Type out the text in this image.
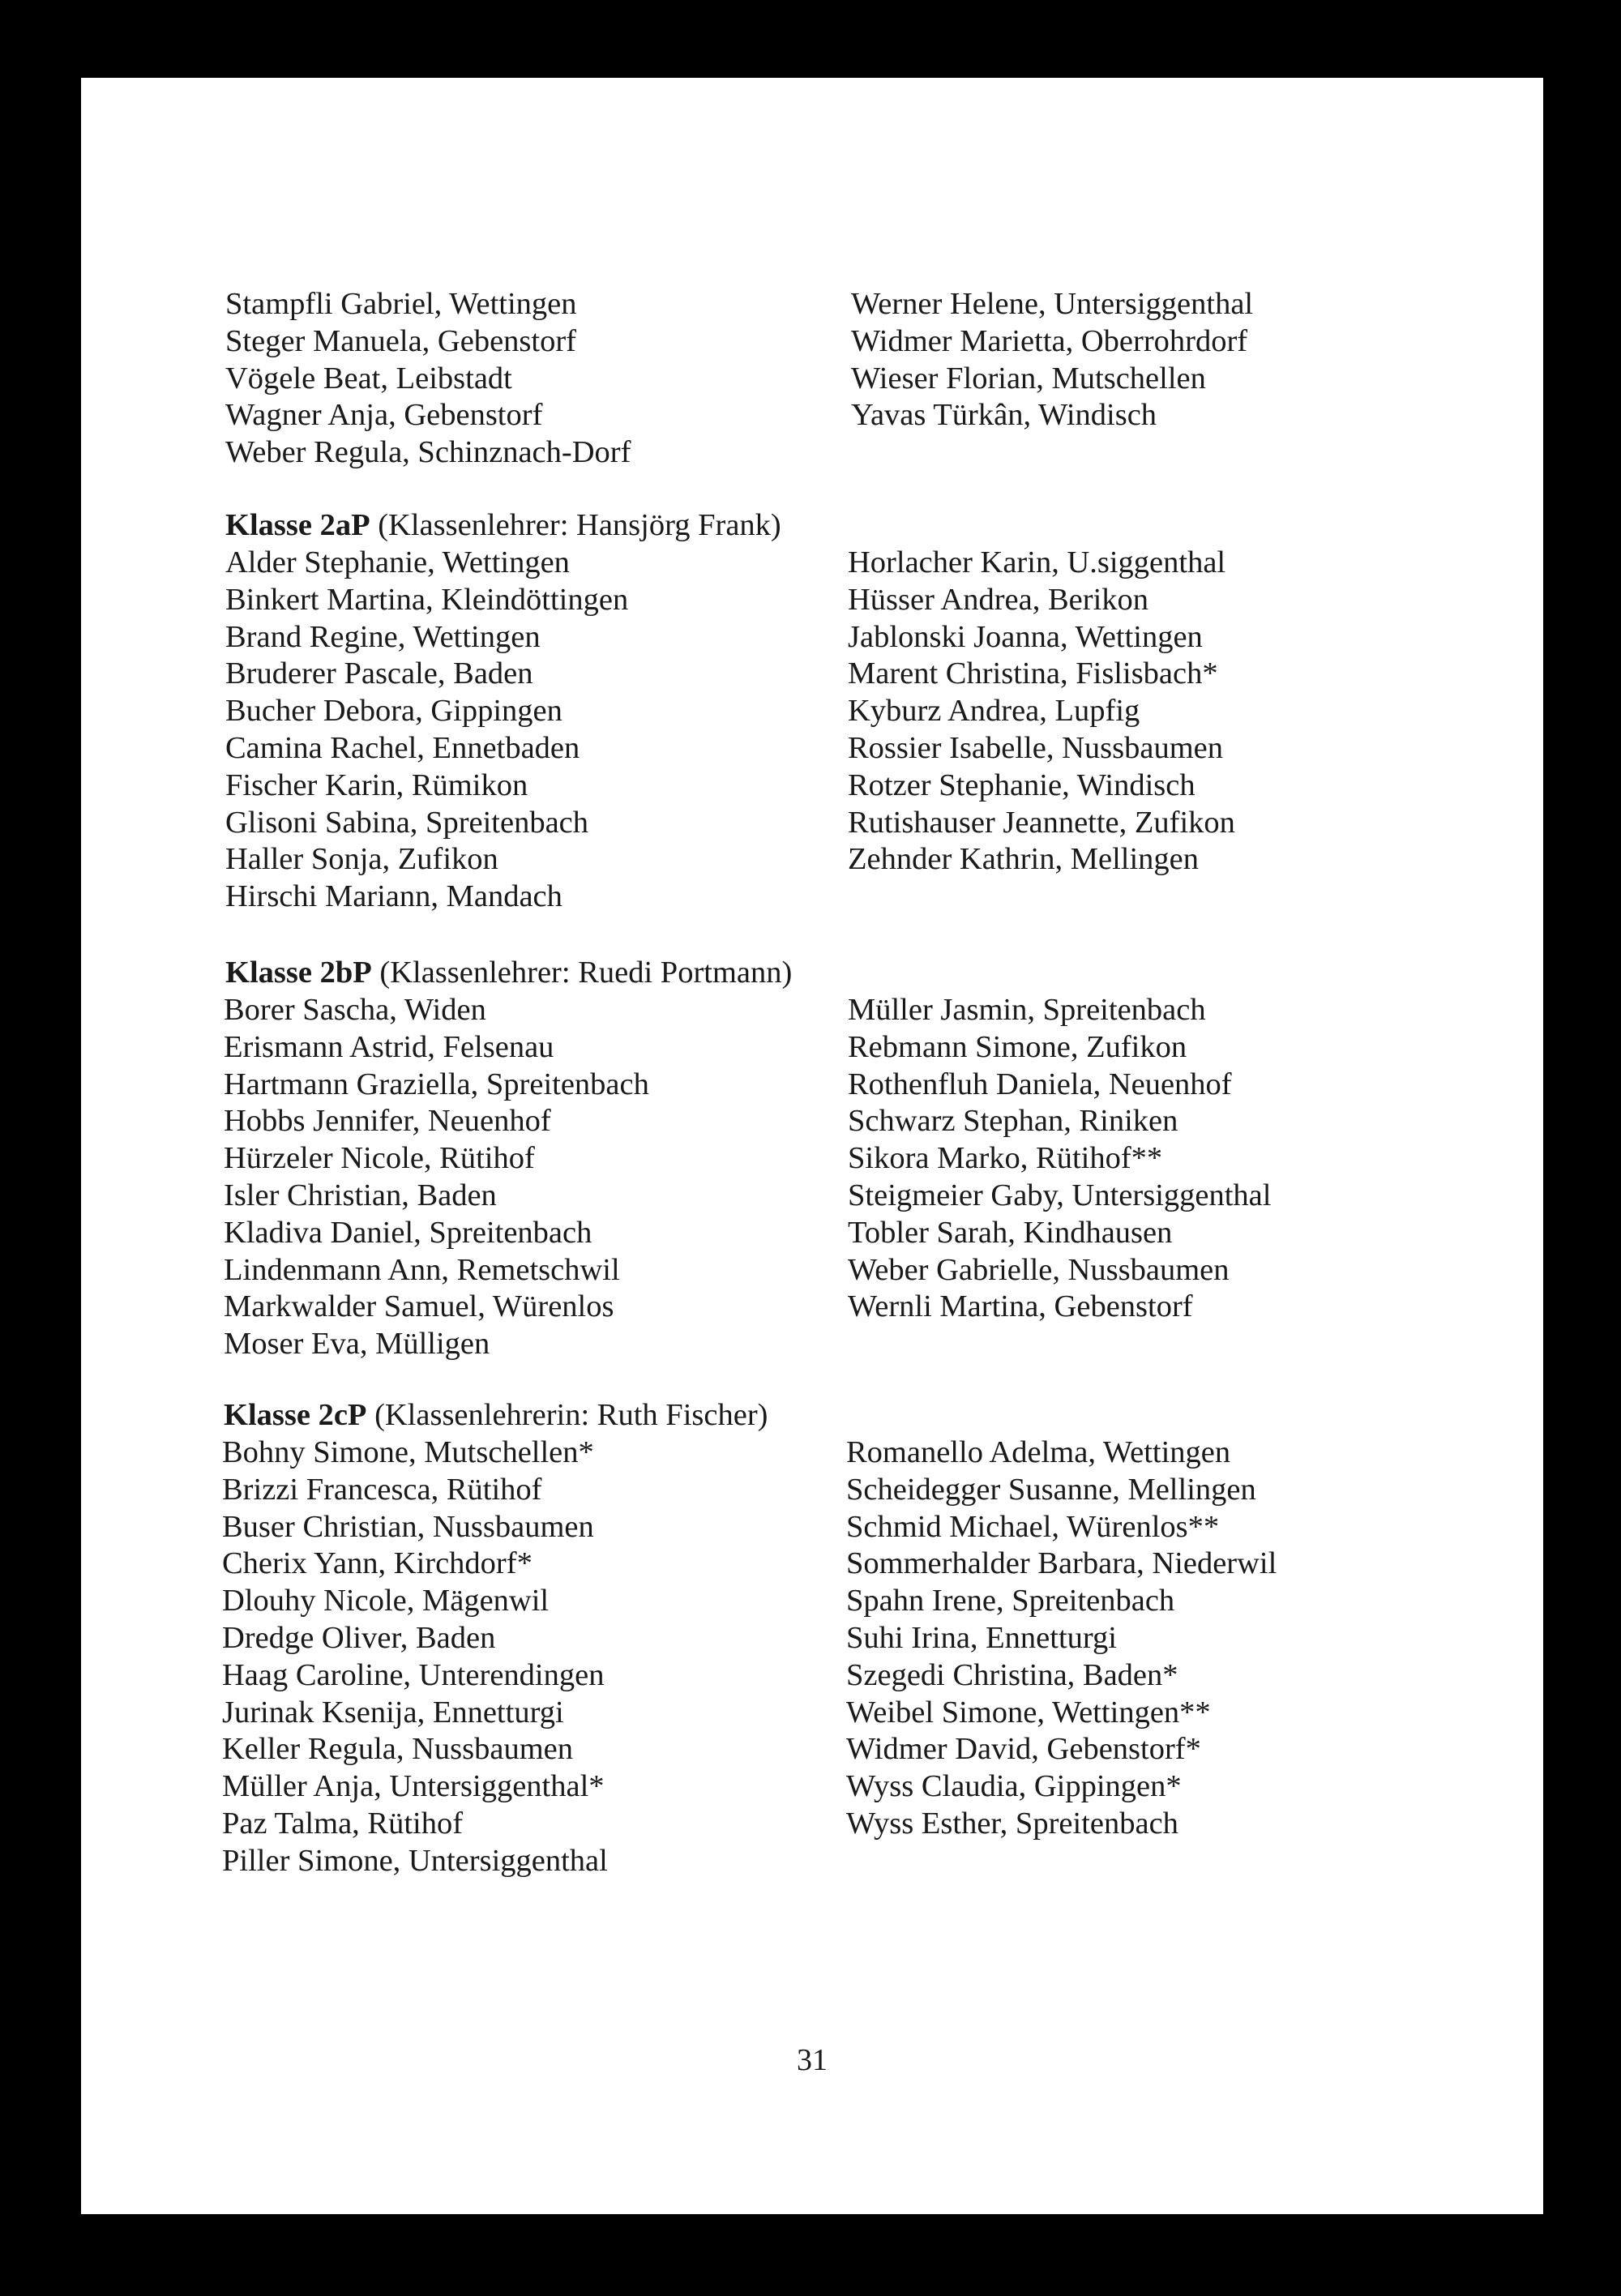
Stampfli Gabriel, Wettingen
Steger Manuela, Gebenstorf
Vögele Beat, Leibstadt
Wagner Anja, Gebenstorf
Weber Regula, Schinznach-Dorf
Werner Helene, Untersiggenthal
Widmer Marietta, Oberrohrdorf
Wieser Florian, Mutschellen
Yavas Türkân, Windisch
Klasse 2aP (Klassenlehrer: Hansjörg Frank)
Alder Stephanie, Wettingen
Binkert Martina, Kleindöttingen
Brand Regine, Wettingen
Bruderer Pascale, Baden
Bucher Debora, Gippingen
Camina Rachel, Ennetbaden
Fischer Karin, Rümikon
Glisoni Sabina, Spreitenbach
Haller Sonja, Zufikon
Hirschi Mariann, Mandach
Horlacher Karin, U.siggenthal
Hüsser Andrea, Berikon
Jablonski Joanna, Wettingen
Marent Christina, Fislisbach*
Kyburz Andrea, Lupfig
Rossier Isabelle, Nussbaumen
Rotzer Stephanie, Windisch
Rutishauser Jeannette, Zufikon
Zehnder Kathrin, Mellingen
Klasse 2bP (Klassenlehrer: Ruedi Portmann)
Borer Sascha, Widen
Erismann Astrid, Felsenau
Hartmann Graziella, Spreitenbach
Hobbs Jennifer, Neuenhof
Hürzeler Nicole, Rütihof
Isler Christian, Baden
Kladiva Daniel, Spreitenbach
Lindenmann Ann, Remetschwil
Markwalder Samuel, Würenlos
Moser Eva, Mülligen
Müller Jasmin, Spreitenbach
Rebmann Simone, Zufikon
Rothenfluh Daniela, Neuenhof
Schwarz Stephan, Riniken
Sikora Marko, Rütihof**
Steigmeier Gaby, Untersiggenthal
Tobler Sarah, Kindhausen
Weber Gabrielle, Nussbaumen
Wernli Martina, Gebenstorf
Klasse 2cP (Klassenlehrerin: Ruth Fischer)
Bohny Simone, Mutschellen*
Brizzi Francesca, Rütihof
Buser Christian, Nussbaumen
Cherix Yann, Kirchdorf*
Dlouhy Nicole, Mägenwil
Dredge Oliver, Baden
Haag Caroline, Unterendingen
Jurinak Ksenija, Ennetturgi
Keller Regula, Nussbaumen
Müller Anja, Untersiggenthal*
Paz Talma, Rütihof
Piller Simone, Untersiggenthal
Romanello Adelma, Wettingen
Scheidegger Susanne, Mellingen
Schmid Michael, Würenlos**
Sommerhalder Barbara, Niederwil
Spahn Irene, Spreitenbach
Suhi Irina, Ennetturgi
Szegedi Christina, Baden*
Weibel Simone, Wettingen**
Widmer David, Gebenstorf*
Wyss Claudia, Gippingen*
Wyss Esther, Spreitenbach
31
